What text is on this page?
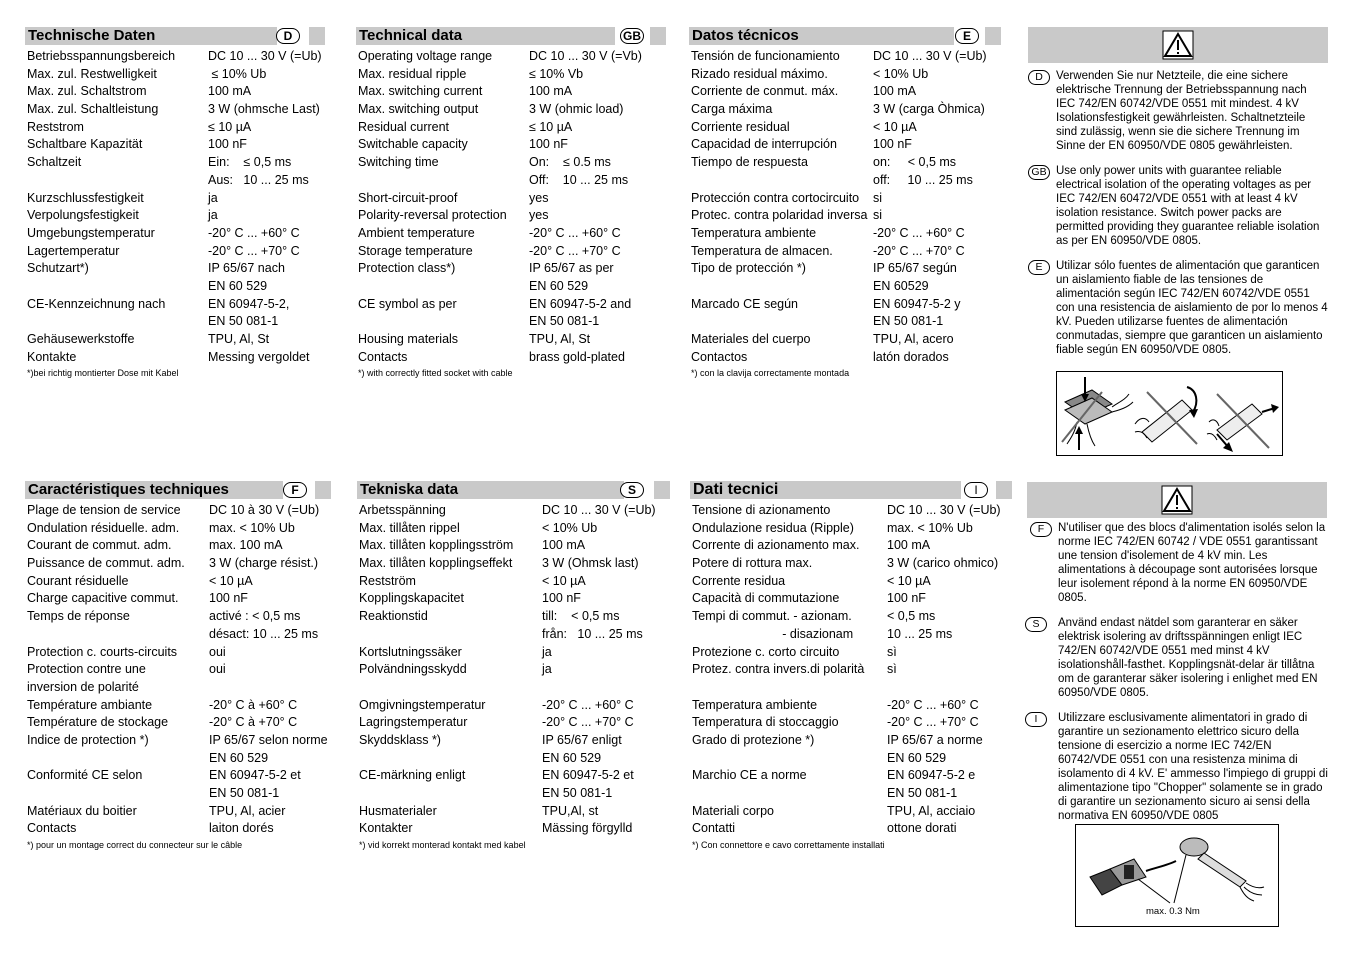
Technische Daten	D
Betriebsspannungsbereich	DC 10 ... 30 V (=Ub)
Max. zul. Restwelligkeit	≤ 10% Ub
Max. zul. Schaltstrom	100 mA
Max. zul. Schaltleistung	3 W (ohmsche Last)
Reststrom	≤ 10 µA
Schaltbare Kapazität	100 nF
Schaltzeit	Ein:    ≤ 0,5 ms
Aus:   10 ... 25 ms
Kurzschlussfestigkeit	ja
Verpolungsfestigkeit	ja
Umgebungstemperatur	-20° C ... +60° C
Lagertemperatur	-20° C ... +70° C
Schutzart*)	IP 65/67 nach
EN 60 529
CE-Kennzeichnung nach	EN 60947-5-2,
EN 50 081-1
Gehäusewerkstoffe	TPU, Al, St
Kontakte	Messing vergoldet
*)bei richtig montierter Dose mit Kabel
Technical data	GB
Operating voltage range	DC 10 ... 30 V (=Vb)
Max. residual ripple	≤ 10% Vb
Max. switching current	100 mA
Max. switching output	3 W (ohmic load)
Residual current	≤ 10 µA
Switchable capacity	100 nF
Switching time	On:    ≤ 0.5 ms
Off:    10 ... 25 ms
Short-circuit-proof	yes
Polarity-reversal protection yes
Ambient temperature	-20° C ... +60° C
Storage temperature	-20° C ... +70° C
Protection class*)	IP 65/67 as per
EN 60 529
CE symbol as per	EN 60947-5-2 and
EN 50 081-1
Housing materials	TPU, Al, St
Contacts	brass gold-plated
*) with correctly fitted socket with cable
Datos técnicos	E
Tensión de funcionamiento	DC 10 ... 30 V (=Ub)
Rizado residual máximo.	< 10% Ub
Corriente de conmut. máx.	100 mA
Carga máxima	3 W (carga Òhmica)
Corriente residual	< 10 µA
Capacidad de interrupción	100 nF
Tiempo de respuesta	on:     < 0,5 ms
off:     10 ... 25 ms
Protección contra cortocircuito si
Protec. contra polaridad inversa si
Temperatura ambiente	-20° C ... +60° C
Temperatura de almacen.	-20° C ... +70° C
Tipo de protección *)	IP 65/67 según
EN 60529
Marcado CE según	EN 60947-5-2 y
EN 50 081-1
Materiales del cuerpo	TPU, Al, acero
Contactos	latón dorados
*) con la clavija correctamente montada
Caractéristiques techniques	F
Plage de tension de service DC 10 à 30 V (=Ub)
Ondulation résiduelle. adm. max. < 10% Ub
Courant de commut. adm.	max. 100 mA
Puissance de commut. adm. 3 W (charge résist.)
Courant résiduelle	< 10 µA
Charge capacitive commut. 100 nF
Temps de réponse	activé : < 0,5 ms
désact: 10 ... 25 ms
Protection c. courts-circuits	oui
Protection contre une	oui
inversion de polarité
Température ambiante	-20° C à +60° C
Température de stockage	-20° C à +70° C
Indice de protection *)	IP 65/67 selon norme
EN 60 529
Conformité CE selon	EN 60947-5-2 et
EN 50 081-1
Matériaux du boitier	TPU, Al, acier
Contacts	laiton dorés
*) pour un montage correct du connecteur sur le câble
Tekniska data	S
Arbetsspänning	DC 10 ... 30 V (=Ub)
Max. tillåten rippel	< 10% Ub
Max. tillåten kopplingsström 100 mA
Max. tillåten kopplingseffekt 3 W (Ohmsk last)
Restström	< 10 µA
Kopplingskapacitet	100 nF
Reaktionstid	till:    < 0,5 ms
från:   10 ... 25 ms
Kortslutningssäker	ja
Polvändningsskydd	ja
Omgivningstemperatur	-20° C ... +60° C
Lagringstemperatur	-20° C ... +70° C
Skyddsklass *)	IP 65/67 enligt
EN 60 529
CE-märkning enligt	EN 60947-5-2 et
EN 50 081-1
Husmaterialer	TPU,Al, st
Kontakter	Mässing förgylld
*) vid korrekt monterad kontakt med kabel
Dati tecnici	I
Tensione di azionamento	DC 10 ... 30 V (=Ub)
Ondulazione residua (Ripple)	max. < 10% Ub
Corrente di azionamento max. 100 mA
Potere di rottura max.	3 W (carico ohmico)
Corrente residua	< 10 µA
Capacità di commutazione	100 nF
Tempi di commut. - azionam.	< 0,5 ms
- disazionam	10 ... 25 ms
Protezione c. corto circuito	sì
Protez. contra invers.di polarità sì
Temperatura ambiente	-20° C ... +60° C
Temperatura di stoccaggio	-20° C ... +70° C
Grado di protezione *)	IP 65/67 a norme
EN 60 529
Marchio CE a norme	EN 60947-5-2 e
EN 50 081-1
Materiali corpo	TPU, Al, acciaio
Contatti	ottone dorati
*) Con connettore e cavo correttamente installati
D	Verwenden Sie nur Netzteile, die eine sichere elektrische Trennung der Betriebsspannung nach IEC 742/EN 60742/VDE 0551 mit mindest. 4 kV Isolationsfestigkeit gewährleisten. Schaltnetzteile sind zulässig, wenn sie die sichere Trennung im Sinne der EN 60950/VDE 0805 gewährleisten.
GB Use only power units with guarantee reliable electrical isolation of the operating voltages as per IEC 742/EN 60472/VDE 0551 with at least 4 kV isolation resistance. Switch power packs are permitted providing they guarantee reliable isolation as per EN 60950/VDE 0805.
E	Utilizar sólo fuentes de alimentación que garanticen un aislamiento fiable de las tensiones de alimentación según IEC 742/EN 60742/VDE 0551 con una resistencia de aislamiento de por lo menos 4 kV. Pueden utilizarse fuentes de alimentación conmutadas, siempre que garanticen un aislamiento fiable según EN 60950/VDE 0805.
F	N'utiliser que des blocs d'alimentation isolés selon la norme IEC 742/EN 60742 / VDE 0551 garantissant une tension d'isolement de 4 kV min. Les alimentations à découpage sont autorisées lorsque leur isolement répond à la norme EN 60950/VDE 0805.
S	Använd endast nätdel som garanterar en säker elektrisk isolering av driftsspänningen enligt IEC 742/EN 60742/VDE 0551 med minst 4 kV isolationshåll-fasthet. Kopplingsnät-delar är tillåtna om de garanterar säker isolering i enlighet med EN 60950/VDE 0805.
I	Utilizzare esclusivamente alimentatori in grado di garantire un sezionamento elettrico sicuro della tensione di esercizio a norme IEC 742/EN 60742/VDE 0551 con una resistenza minima di isolamento di 4 kV. E' ammesso l'impiego di gruppi di alimentazione tipo "Chopper" solamente se in grado di garantire un sezionamento sicuro ai sensi della normativa EN 60950/VDE 0805
max. 0.3 Nm
